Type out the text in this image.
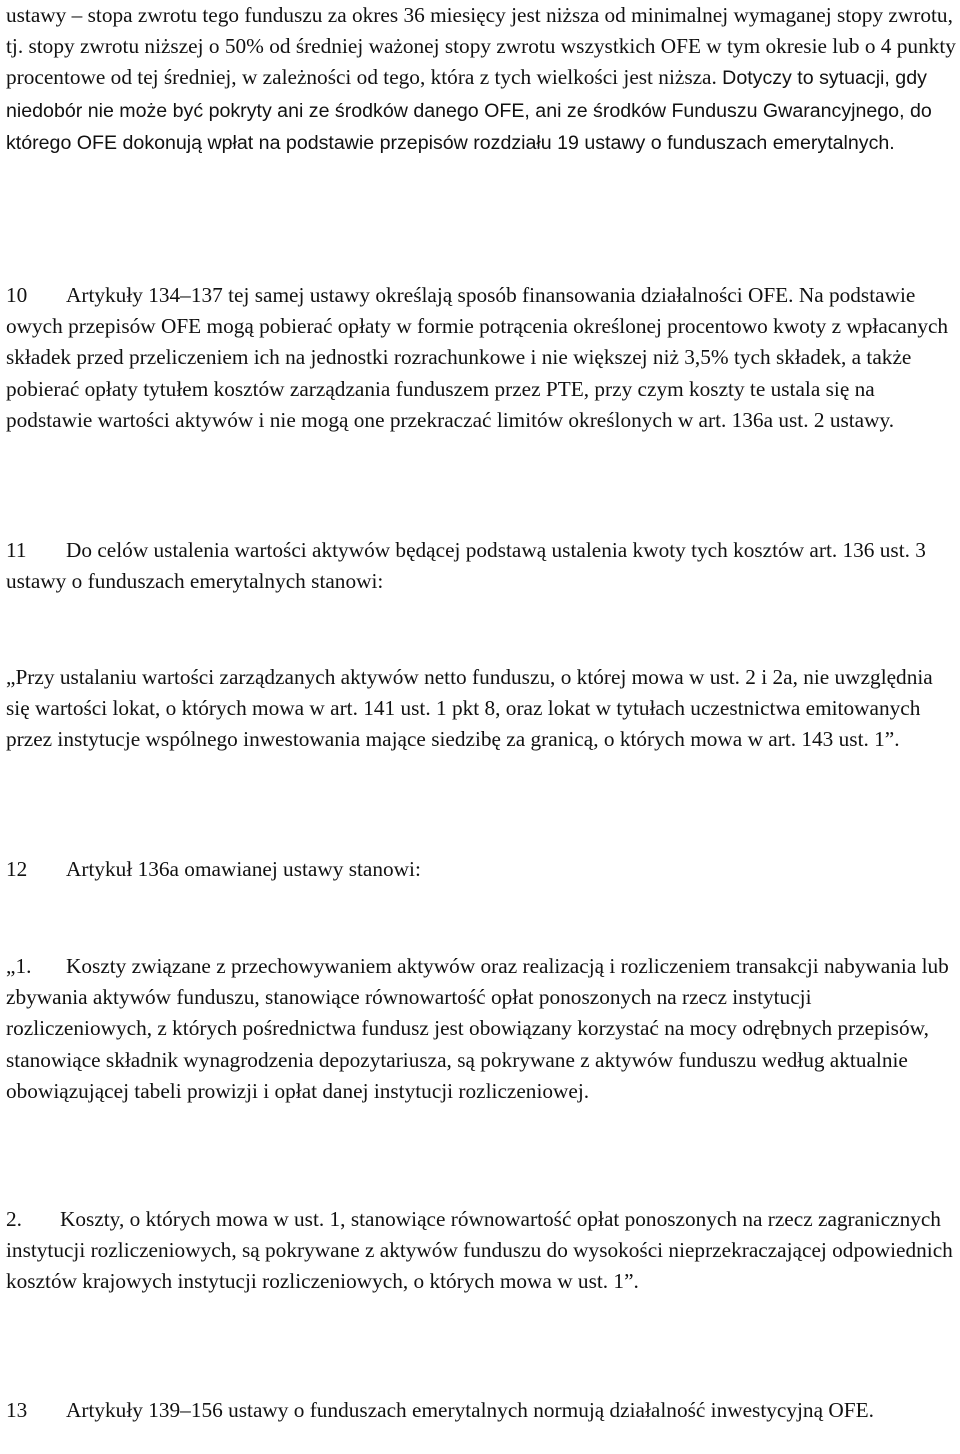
ustawy – stopa zwrotu tego funduszu za okres 36 miesięcy jest niższa od minimalnej wymaganej stopy zwrotu, tj. stopy zwrotu niższej o 50% od średniej ważonej stopy zwrotu wszystkich OFE w tym okresie lub o 4 punkty procentowe od tej średniej, w zależności od tego, która z tych wielkości jest niższa. Dotyczy to sytuacji, gdy niedobór nie może być pokryty ani ze środków danego OFE, ani ze środków Funduszu Gwarancyjnego, do którego OFE dokonują wpłat na podstawie przepisów rozdziału 19 ustawy o funduszach emerytalnych.

10 Artykuły 134–137 tej samej ustawy określają sposób finansowania działalności OFE. Na podstawie owych przepisów OFE mogą pobierać opłaty w formie potrącenia określonej procentowo kwoty z wpłacanych składek przed przeliczeniem ich na jednostki rozrachunkowe i nie większej niż 3,5% tych składek, a także pobierać opłaty tytułem kosztów zarządzania funduszem przez PTE, przy czym koszty te ustala się na podstawie wartości aktywów i nie mogą one przekraczać limitów określonych w art. 136a ust. 2 ustawy.

11 Do celów ustalenia wartości aktywów będącej podstawą ustalenia kwoty tych kosztów art. 136 ust. 3 ustawy o funduszach emerytalnych stanowi:

„Przy ustalaniu wartości zarządzanych aktywów netto funduszu, o której mowa w ust. 2 i 2a, nie uwzględnia się wartości lokat, o których mowa w art. 141 ust. 1 pkt 8, oraz lokat w tytułach uczestnictwa emitowanych przez instytucje wspólnego inwestowania mające siedzibę za granicą, o których mowa w art. 143 ust. 1”.

12 Artykuł 136a omawianej ustawy stanowi:

„1. Koszty związane z przechowywaniem aktywów oraz realizacją i rozliczeniem transakcji nabywania lub zbywania aktywów funduszu, stanowiące równowartość opłat ponoszonych na rzecz instytucji rozliczeniowych, z których pośrednictwa fundusz jest obowiązany korzystać na mocy odrębnych przepisów, stanowiące składnik wynagrodzenia depozytariusza, są pokrywane z aktywów funduszu według aktualnie obowiązującej tabeli prowizji i opłat danej instytucji rozliczeniowej.

2. Koszty, o których mowa w ust. 1, stanowiące równowartość opłat ponoszonych na rzecz zagranicznych instytucji rozliczeniowych, są pokrywane z aktywów funduszu do wysokości nieprzekraczającej odpowiednich kosztów krajowych instytucji rozliczeniowych, o których mowa w ust. 1”.

13 Artykuły 139–156 ustawy o funduszach emerytalnych normują działalność inwestycyjną OFE.
